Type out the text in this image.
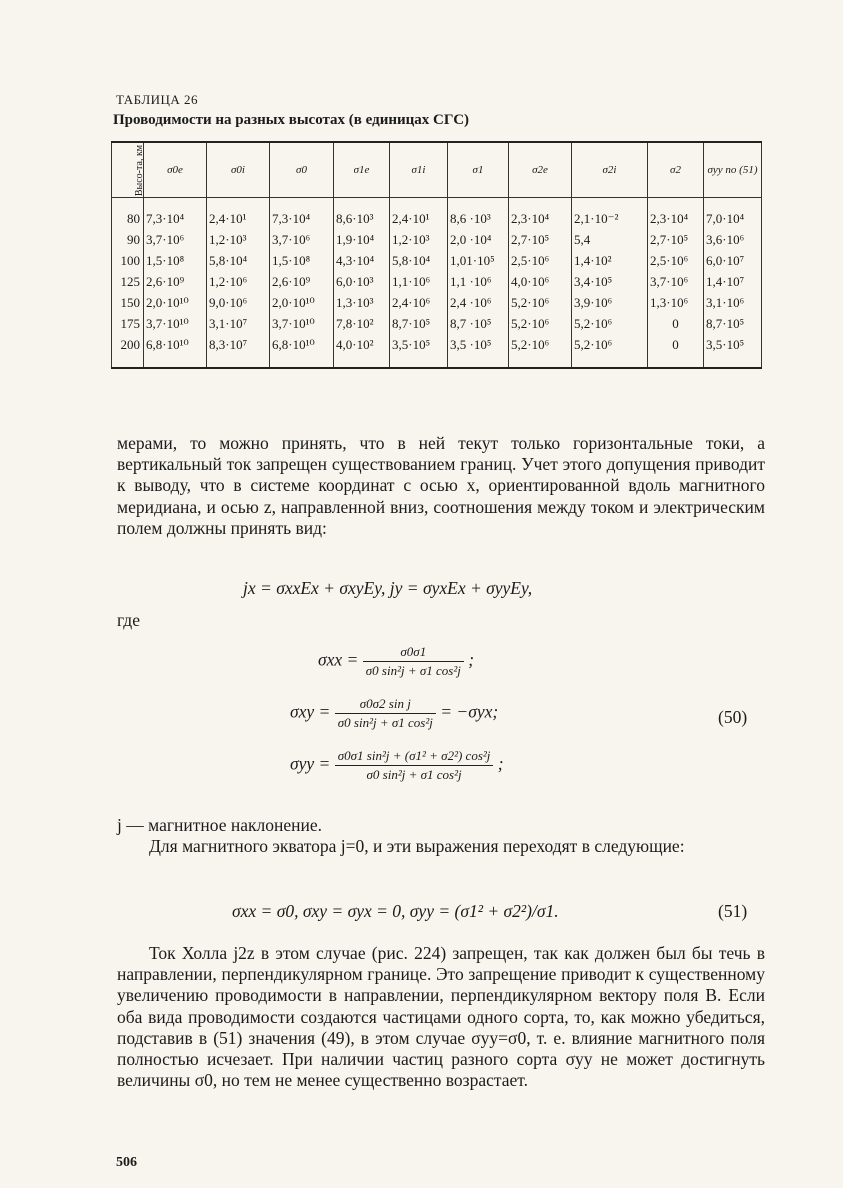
ТАБЛИЦА 26
Проводимости на разных высотах (в единицах СГС)
Высо-та, км	σ0e	σ0i	σ0	σ1e	σ1i	σ1	σ2e	σ2i	σ2	σyy по (51)

80	7,3·10⁴	2,4·10¹	7,3·10⁴	8,6·10³	2,4·10¹	8,6 ·10³	2,3·10⁴	2,1·10⁻²	2,3·10⁴	7,0·10⁴
90	3,7·10⁶	1,2·10³	3,7·10⁶	1,9·10⁴	1,2·10³	2,0 ·10⁴	2,7·10⁵	5,4	2,7·10⁵	3,6·10⁶
100	1,5·10⁸	5,8·10⁴	1,5·10⁸	4,3·10⁴	5,8·10⁴	1,01·10⁵	2,5·10⁶	1,4·10²	2,5·10⁶	6,0·10⁷
125	2,6·10⁹	1,2·10⁶	2,6·10⁹	6,0·10³	1,1·10⁶	1,1 ·10⁶	4,0·10⁶	3,4·10⁵	3,7·10⁶	1,4·10⁷
150	2,0·10¹⁰	9,0·10⁶	2,0·10¹⁰	1,3·10³	2,4·10⁶	2,4 ·10⁶	5,2·10⁶	3,9·10⁶	1,3·10⁶	3,1·10⁶
175	3,7·10¹⁰	3,1·10⁷	3,7·10¹⁰	7,8·10²	8,7·10⁵	8,7 ·10⁵	5,2·10⁶	5,2·10⁶	0	8,7·10⁵
200	6,8·10¹⁰	8,3·10⁷	6,8·10¹⁰	4,0·10²	3,5·10⁵	3,5 ·10⁵	5,2·10⁶	5,2·10⁶	0	3,5·10⁵

мерами, то можно принять, что в ней текут только горизонтальные токи, а вертикальный ток запрещен существованием границ. Учет этого допущения приводит к выводу, что в системе координат с осью x, ориентированной вдоль магнитного меридиана, и осью z, направленной вниз, соотношения между током и электрическим полем должны принять вид:

jx = σxxEx + σxyEy, jy = σyxEx + σyyEy,

где

$\sigma xx = \frac{\sigma 0\sigma 1}{\text{σ0 sin²j + σ1 cos²j}}$ ;
$\sigma xy = \frac{\text{σ0σ2 sin j}}{\text{σ0 sin²j + σ1 cos²j}} = -\sigma yx$;	(50)
$\sigma yy = \frac{\text{σ0σ1 sin²j + (σ1² + σ2²) cos²j}}{\text{σ0 sin²j + σ1 cos²j}}$ ;

j — магнитное наклонение.

Для магнитного экватора j=0, и эти выражения переходят в следующие:

σxx = σ0, σxy = σyx = 0, σyy = (σ1² + σ2²)/σ1.	(51)

Ток Холла j2z в этом случае (рис. 224) запрещен, так как должен был бы течь в направлении, перпендикулярном границе. Это запрещение приводит к существенному увеличению проводимости в направлении, перпендикулярном вектору поля B. Если оба вида проводимости создаются частицами одного сорта, то, как можно убедиться, подставив в (51) значения (49), в этом случае σyy=σ0, т. е. влияние магнитного поля полностью исчезает. При наличии частиц разного сорта σyy не может достигнуть величины σ0, но тем не менее существенно возрастает.

506
